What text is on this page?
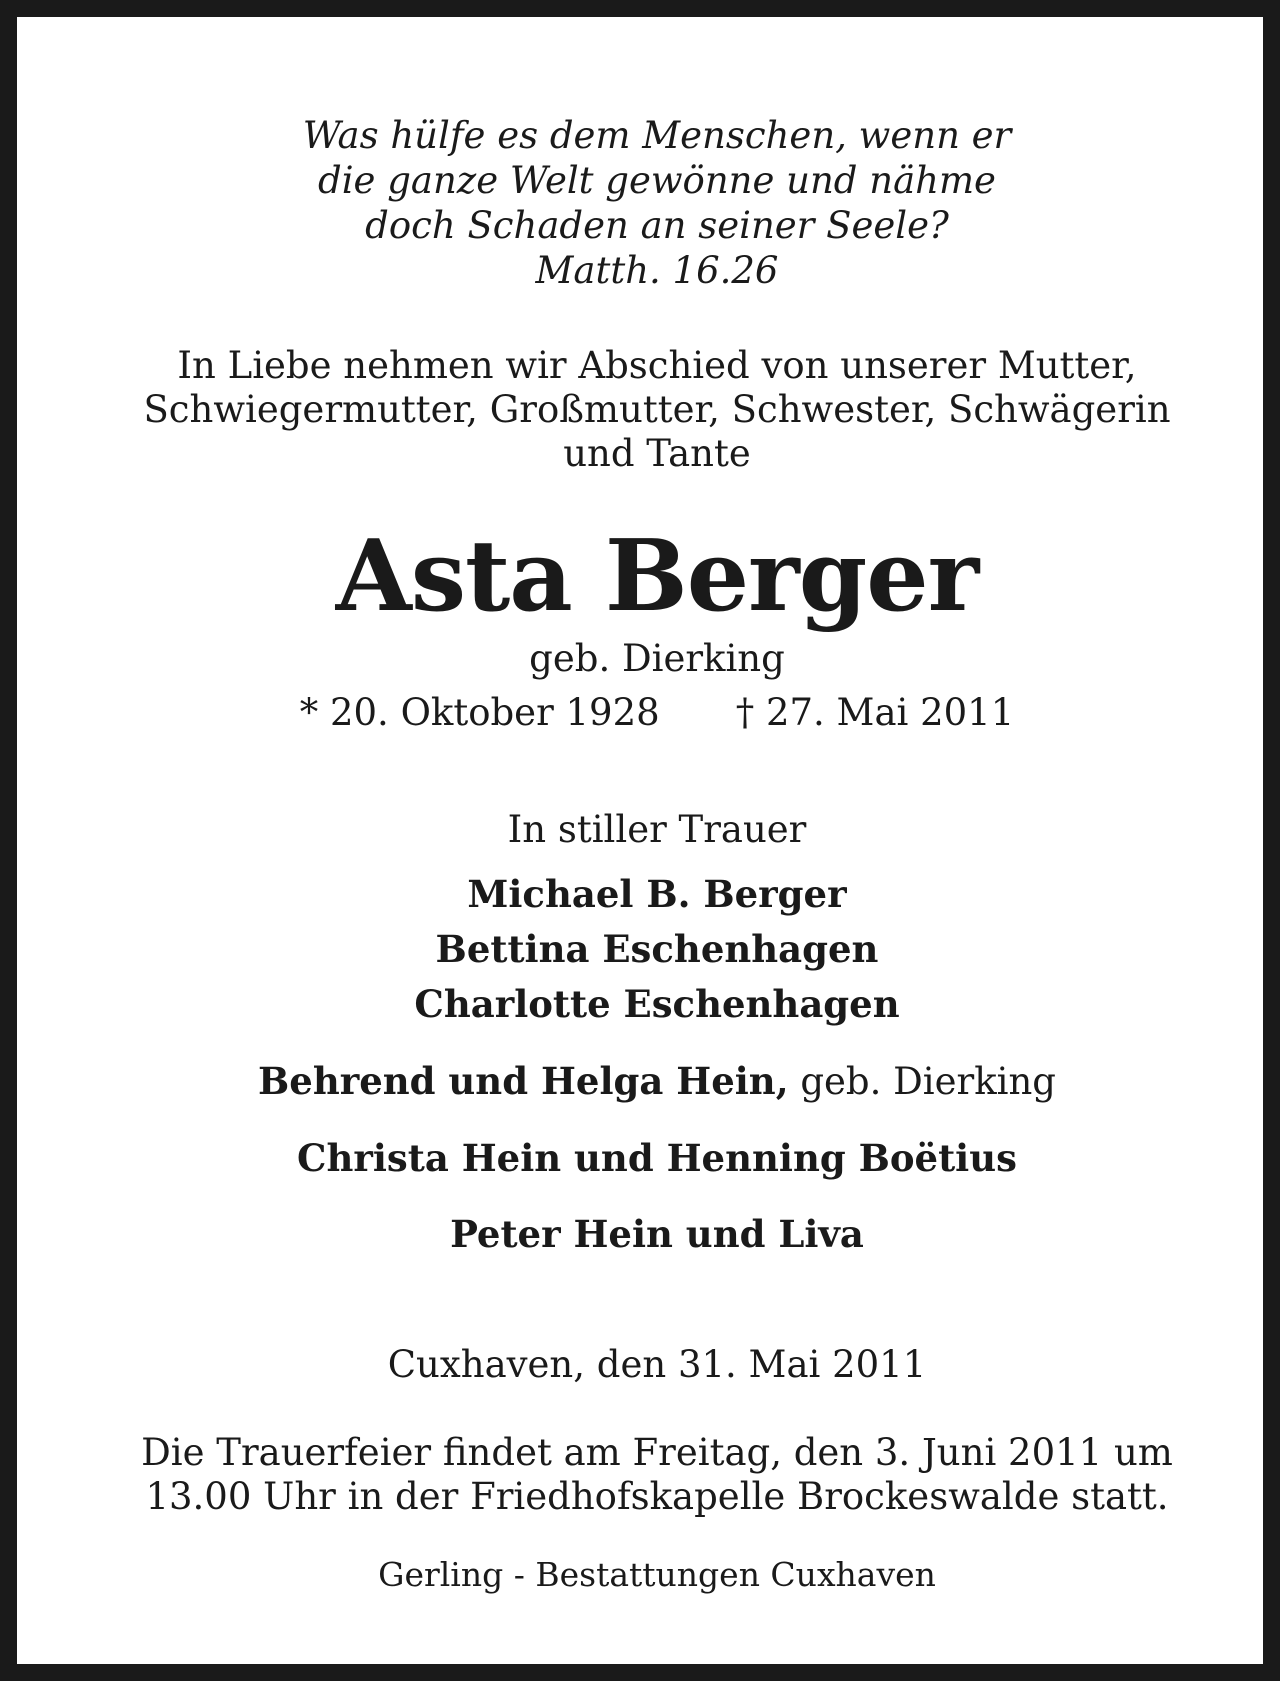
Was hülfe es dem Menschen, wenn er
die ganze Welt gewönne und nähme
doch Schaden an seiner Seele?
Matth. 16.26
In Liebe nehmen wir Abschied von unserer Mutter,
Schwiegermutter, Großmutter, Schwester, Schwägerin
und Tante
Asta Berger
geb. Dierking
* 20. Oktober 1928 † 27. Mai 2011
In stiller Trauer
Michael B. Berger
Bettina Eschenhagen
Charlotte Eschenhagen
Behrend und Helga Hein, geb. Dierking
Christa Hein und Henning Boëtius
Peter Hein und Liva
Cuxhaven, den 31. Mai 2011
Die Trauerfeier findet am Freitag, den 3. Juni 2011 um
13.00 Uhr in der Friedhofskapelle Brockeswalde statt.
Gerling - Bestattungen Cuxhaven
